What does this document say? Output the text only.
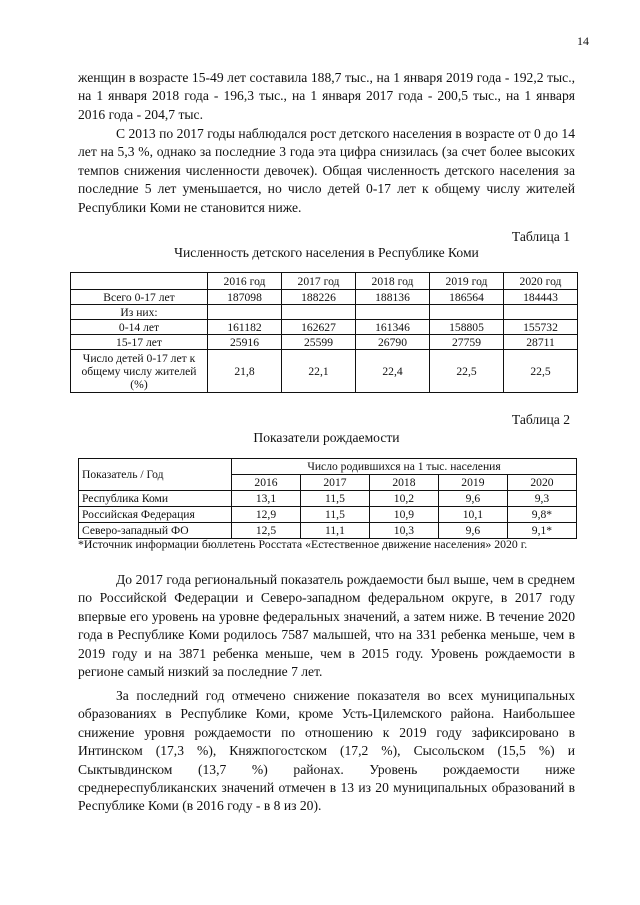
14

женщин в возрасте 15-49 лет составила 188,7 тыс., на 1 января 2019 года - 192,2 тыс., на 1 января 2018 года - 196,3 тыс., на 1 января 2017 года - 200,5 тыс., на 1 января 2016 года - 204,7 тыс.

С 2013 по 2017 годы наблюдался рост детского населения в возрасте от 0 до 14 лет на 5,3 %, однако за последние 3 года эта цифра снизилась (за счет более высоких темпов снижения численности девочек). Общая численность детского населения за последние 5 лет уменьшается, но число детей 0-17 лет к общему числу жителей Республики Коми не становится ниже.

Таблица 1
Численность детского населения в Республике Коми
	2016 год	2017 год	2018 год	2019 год	2020 год
Всего 0-17 лет	187098	188226	188136	186564	184443
Из них:					
0-14 лет	161182	162627	161346	158805	155732
15-17 лет	25916	25599	26790	27759	28711
Число детей 0-17 лет к общему числу жителей (%)	21,8	22,1	22,4	22,5	22,5
Таблица 2
Показатели рождаемости
Показатель / Год	Число родившихся на 1 тыс. населения				
	2016	2017	2018	2019	2020
Республика Коми	13,1	11,5	10,2	9,6	9,3
Российская Федерация	12,9	11,5	10,9	10,1	9,8*
Северо-западный ФО	12,5	11,1	10,3	9,6	9,1*
*Источник информации бюллетень Росстата «Естественное движение населения» 2020 г.

До 2017 года региональный показатель рождаемости был выше, чем в среднем по Российской Федерации и Северо-западном федеральном округе, в 2017 году впервые его уровень на уровне федеральных значений, а затем ниже. В течение 2020 года в Республике Коми родилось 7587 малышей, что на 331 ребенка меньше, чем в 2019 году и на 3871 ребенка меньше, чем в 2015 году. Уровень рождаемости в регионе самый низкий за последние 7 лет.

За последний год отмечено снижение показателя во всех муниципальных образованиях в Республике Коми, кроме Усть-Цилемского района. Наибольшее снижение уровня рождаемости по отношению к 2019 году зафиксировано в Интинском (17,3 %), Княжпогостском (17,2 %), Сысольском (15,5 %) и Сыктывдинском (13,7 %) районах. Уровень рождаемости ниже среднереспубликанских значений отмечен в 13 из 20 муниципальных образований в Республике Коми (в 2016 году - в 8 из 20).
